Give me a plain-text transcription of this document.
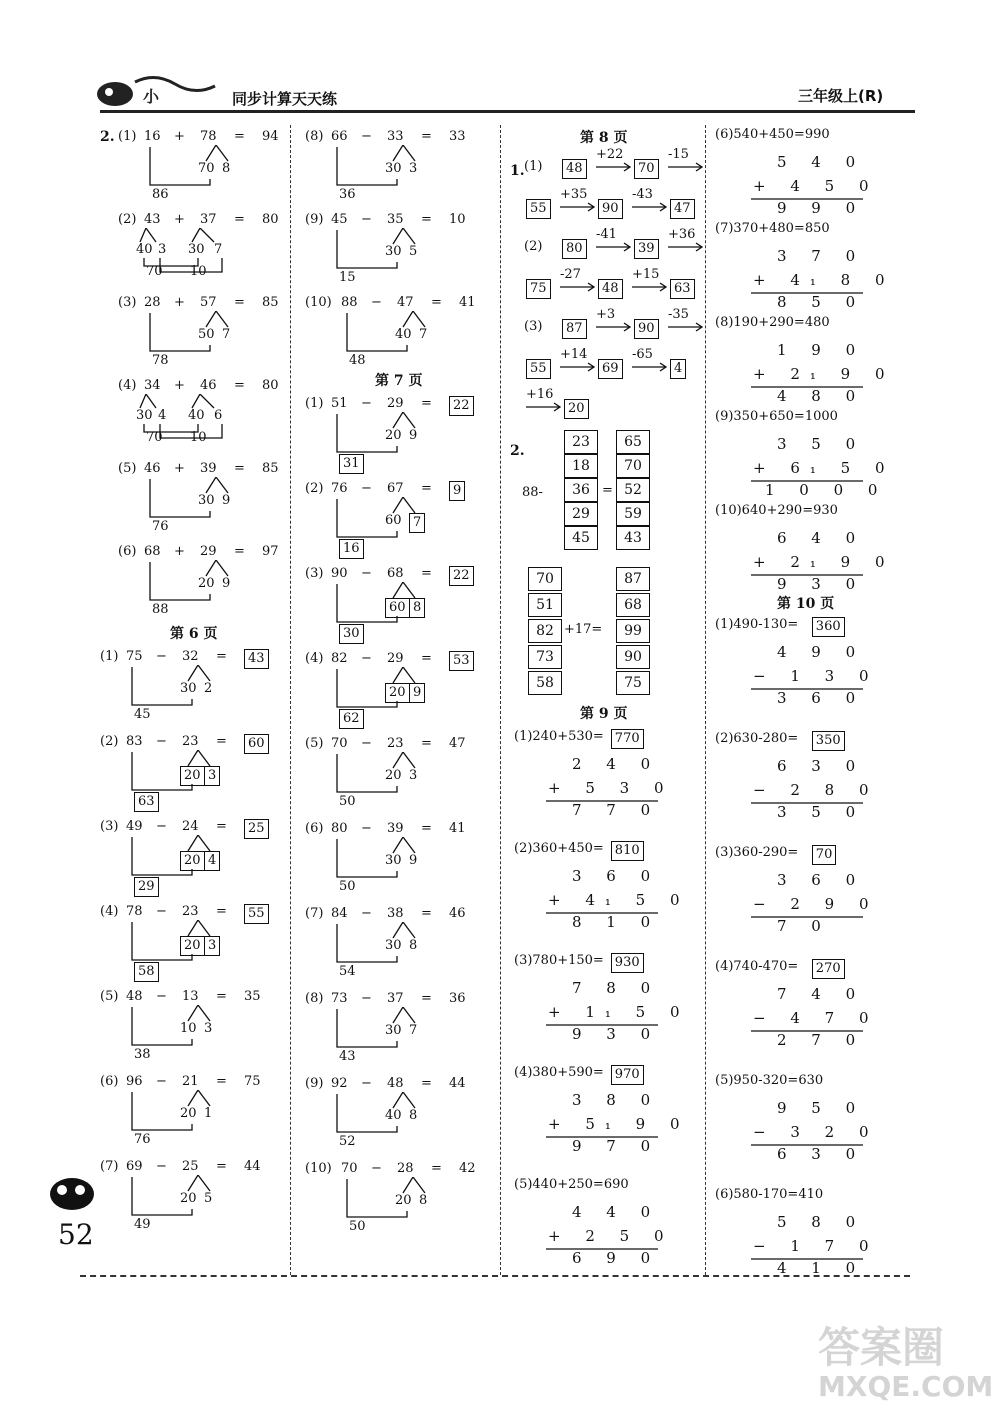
小	同步计算天天练	三年级上(R)
52
答案圈
MXQE.COM
2. (1) 16 + 78 = 94
70 8
86
(2) 43 + 37 = 80
40 3 30 7
70 10
(3) 28 + 57 = 85
50 7
78
(4) 34 + 46 = 80
30 4 40 6
70 10
(5) 46 + 39 = 85
30 9
76
(6) 68 + 29 = 97
20 9
88
第 6 页
(1) 75 − 32 =	43
30 2
45
(2) 83 − 23 =	60
20 3
63
(3) 49 − 24 =	25
20 4
29
(4) 78 − 23 =	55
20 3
58
(5) 48 − 13 = 35
10 3
38
(6) 96 − 21 = 75
20 1
76
(7) 69 − 25 = 44
20 5
49
(8) 66 − 33 = 33
30 3
36
(9) 45 − 35 = 10
30 5
15
(10) 88 − 47 = 41
40 7
48
第 7 页
(1) 51 − 29 =	22
20 9
31
(2) 76 − 67 =	9
60 7
16
(3) 90 − 68 =	22
60 8
30
(4) 82 − 29 =	53
20 9
62
(5) 70 − 23 = 47
20 3
50
(6) 80 − 39 = 41
30 9
50
(7) 84 − 38 = 46
30 8
54
(8) 73 − 37 = 36
30 7
43
(9) 92 − 48 = 44
40 8
52
(10) 70 − 28 = 42
20 8
50
第 8 页
1. (1)	48
+22
70
-15
55
+35
90
-43
47
(2)	80
-41
39
+36
75
-27
48
+15
63
(3)	87
+3
90
-35
55
+14
69
-65
4
+16
20
2.
88-
23
18
36
29
45
=
65
70
52
59
43
70
51
82
73
58
+17=
87
68
99
90
75
第 9 页
(1)240+530= 770
2 4 0
+ 5 3 0
7 7 0
(2)360+450= 810
3 6 0
+ 4₁ 5 0
8 1 0
(3)780+150= 930
7 8 0
+ 1₁ 5 0
9 3 0
(4)380+590= 970
3 8 0
+ 5₁ 9 0
9 7 0
(5)440+250=690
4 4 0
+ 2 5 0
6 9 0
(6)540+450=990
5 4 0
+ 4 5 0
9 9 0
(7)370+480=850
3 7 0
+ 4₁ 8 0
8 5 0
(8)190+290=480
1 9 0
+ 2₁ 9 0
4 8 0
(9)350+650=1000
3 5 0
+ 6₁ 5 0
1 0 0 0
(10)640+290=930
6 4 0
+ 2₁ 9 0
9 3 0
第 10 页
(1)490-130=	360
4 9 0
− 1 3 0
3 6 0
(2)630-280=	350
6 3 0
− 2 8 0
3 5 0
(3)360-290=	70
3 6 0
− 2 9 0
7 0
(4)740-470=	270
7 4 0
− 4 7 0
2 7 0
(5)950-320=630
9 5 0
− 3 2 0
6 3 0
(6)580-170=410
5 8 0
− 1 7 0
4 1 0
